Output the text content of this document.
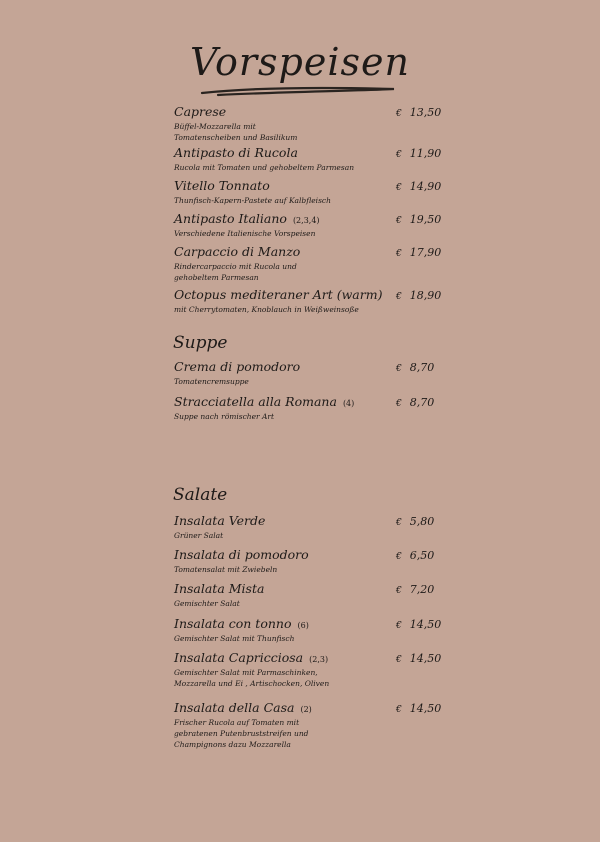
Vorspeisen
Suppe
Salate
Caprese
Büffel-Mozzarella mit
Tomatenscheiben und Basilikum
€ 13,50
Antipasto di Rucola
Rucola mit Tomaten und gehobeltem Parmesan
€ 11,90
Vitello Tonnato
Thunfisch-Kapern-Pastete auf Kalbfleisch
€ 14,90
Antipasto Italiano (2,3,4)
Verschiedene Italienische Vorspeisen
€ 19,50
Carpaccio di Manzo
Rindercarpaccio mit Rucola und
gehobeltem Parmesan
€ 17,90
Octopus mediteraner Art (warm)
mit Cherrytomaten, Knoblauch in Weißweinsoße
€ 18,90
Crema di pomodoro
Tomatencremsuppe
€ 8,70
Stracciatella alla Romana (4)
Suppe nach römischer Art
€ 8,70
Insalata Verde
Grüner Salat
€ 5,80
Insalata di pomodoro
Tomatensalat mit Zwiebeln
€ 6,50
Insalata Mista
Gemischter Salat
€ 7,20
Insalata con tonno (6)
Gemischter Salat mit Thunfisch
€ 14,50
Insalata Capricciosa (2,3)
Gemischter Salat mit Parmaschinken,
Mozzarella und Ei , Artischocken, Oliven
€ 14,50
Insalata della Casa (2)
Frischer Rucola auf Tomaten mit
gebratenen Putenbruststreifen und
Champignons dazu Mozzarella
€ 14,50
